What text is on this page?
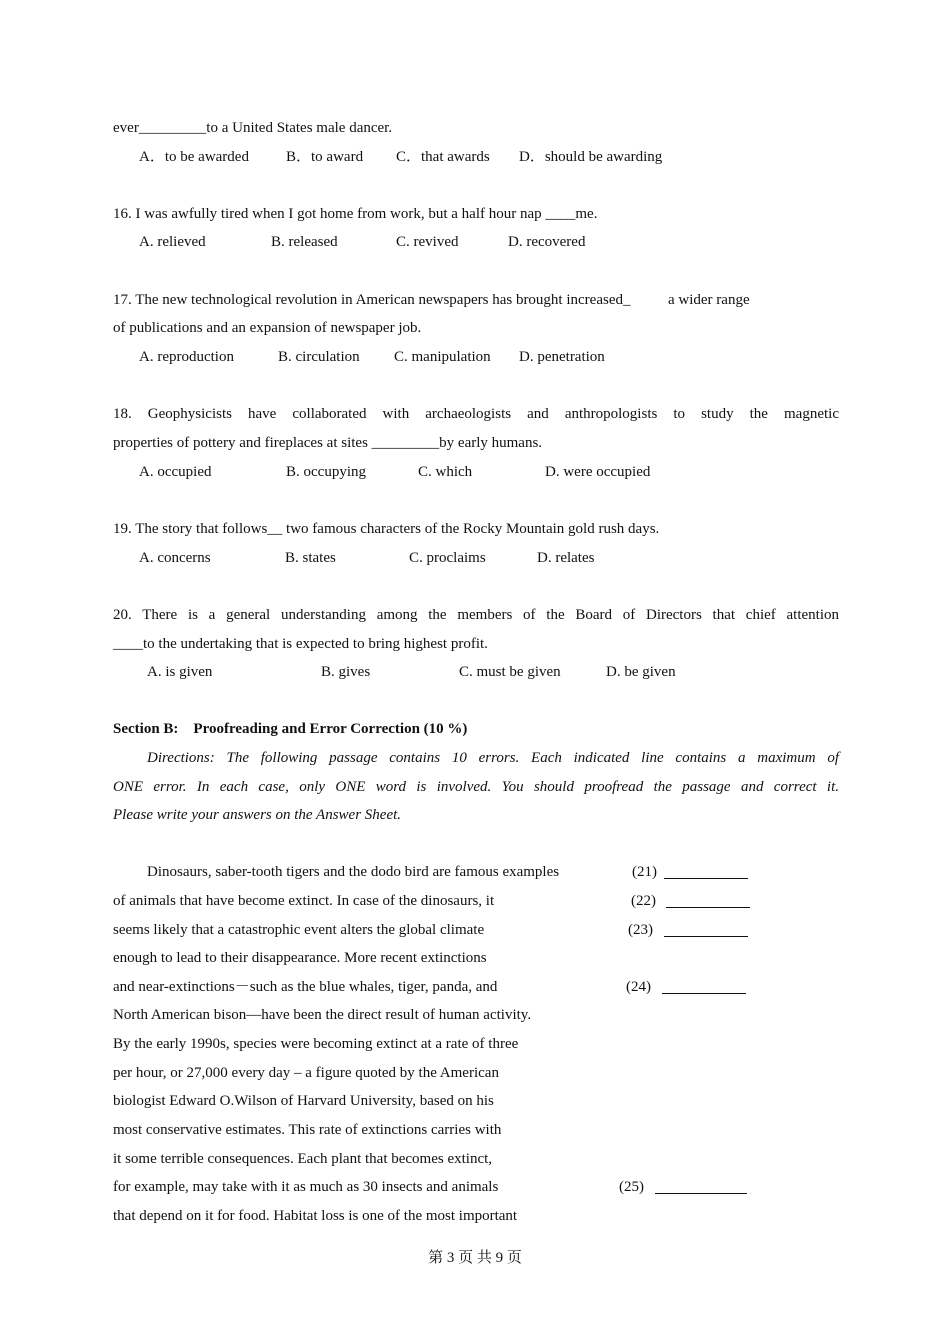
ever_________to a United States male dancer.
A．to be awarded B．to award C．that awards D．should be awarding
16. I was awfully tired when I got home from work, but a half hour nap ____me.
A. relieved	B. released	C. revived	D. recovered
17. The new technological revolution in American newspapers has brought increased_          a wider range
of publications and an expansion of newspaper job.
A. reproduction	B. circulation C. manipulation D. penetration
18. Geophysicists have collaborated with archaeologists and anthropologists to study the magnetic
properties of pottery and fireplaces at sites _________by early humans.
A. occupied	B. occupying	C. which	D. were occupied
19. The story that follows__ two famous characters of the Rocky Mountain gold rush days.
A. concerns	B. states	C. proclaims	D. relates
20. There is a general understanding among the members of the Board of Directors that chief attention
____to the undertaking that is expected to bring highest profit.
A. is given	B. gives	C. must be given	D. be given
Section B:    Proofreading and Error Correction (10 %)
Directions: The following passage contains 10 errors. Each indicated line contains a maximum of
ONE error. In each case, only ONE word is involved. You should proofread the passage and correct it.
Please write your answers on the Answer Sheet.
Dinosaurs, saber-tooth tigers and the dodo bird are famous examples
of animals that have become extinct. In case of the dinosaurs, it
seems likely that a catastrophic event alters the global climate
enough to lead to their disappearance. More recent extinctions
and near-extinctions－such as the blue whales, tiger, panda, and
North American bison—have been the direct result of human activity.
By the early 1990s, species were becoming extinct at a rate of three
per hour, or 27,000 every day – a figure quoted by the American
biologist Edward O.Wilson of Harvard University, based on his
most conservative estimates. This rate of extinctions carries with
it some terrible consequences. Each plant that becomes extinct,
for example, may take with it as much as 30 insects and animals
that depend on it for food. Habitat loss is one of the most important
(21)
(22)
(23)
(24)
(25)
第 3 页 共 9 页
